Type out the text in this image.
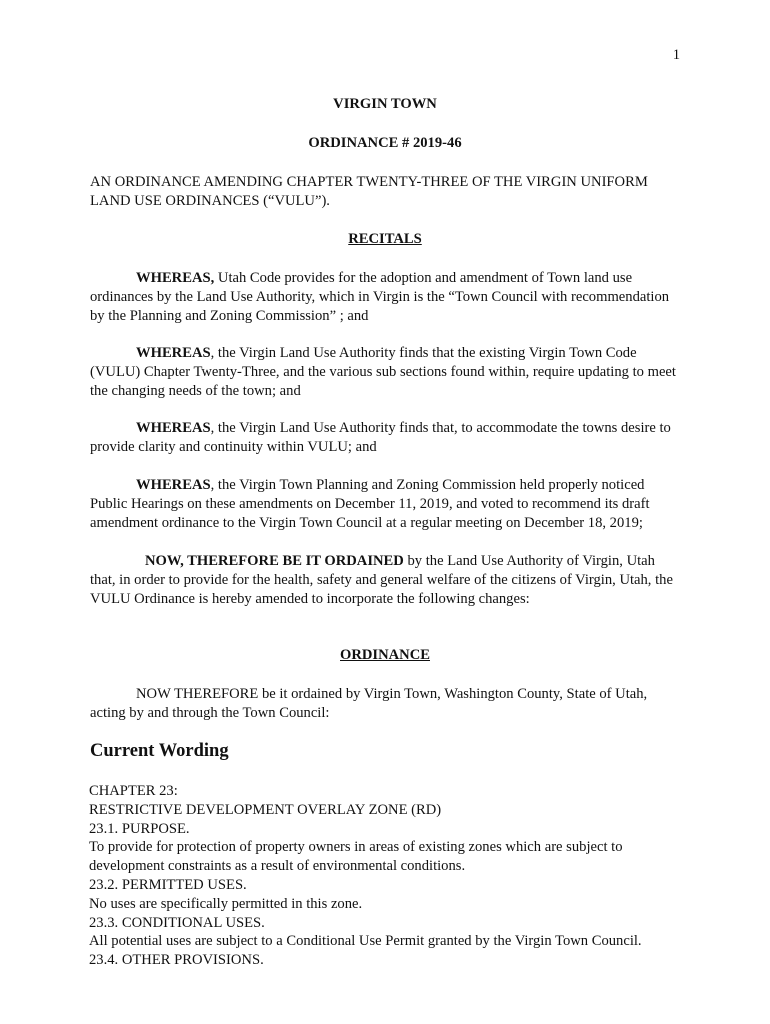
1
VIRGIN TOWN
ORDINANCE # 2019-46
AN ORDINANCE AMENDING CHAPTER TWENTY-THREE OF THE VIRGIN UNIFORM LAND USE ORDINANCES (“VULU”).
RECITALS

WHEREAS, Utah Code provides for the adoption and amendment of Town land use ordinances by the Land Use Authority, which in Virgin is the “Town Council with recommendation by the Planning and Zoning Commission” ; and

WHEREAS, the Virgin Land Use Authority finds that the existing Virgin Town Code (VULU) Chapter Twenty-Three, and the various sub sections found within, require updating to meet the changing needs of the town; and

WHEREAS, the Virgin Land Use Authority finds that, to accommodate the towns desire to provide clarity and continuity within VULU; and

WHEREAS, the Virgin Town Planning and Zoning Commission held properly noticed Public Hearings on these amendments on December 11, 2019, and voted to recommend its draft amendment ordinance to the Virgin Town Council at a regular meeting on December 18, 2019;

NOW, THEREFORE BE IT ORDAINED by the Land Use Authority of Virgin, Utah that, in order to provide for the health, safety and general welfare of the citizens of Virgin, Utah, the VULU Ordinance is hereby amended to incorporate the following changes:

ORDINANCE

NOW THEREFORE be it ordained by Virgin Town, Washington County, State of Utah, acting by and through the Town Council:

Current Wording
CHAPTER 23:
RESTRICTIVE DEVELOPMENT OVERLAY ZONE (RD)
23.1. PURPOSE.
To provide for protection of property owners in areas of existing zones which are subject to development constraints as a result of environmental conditions.
23.2. PERMITTED USES.
No uses are specifically permitted in this zone.
23.3. CONDITIONAL USES.
All potential uses are subject to a Conditional Use Permit granted by the Virgin Town Council.
23.4. OTHER PROVISIONS.
